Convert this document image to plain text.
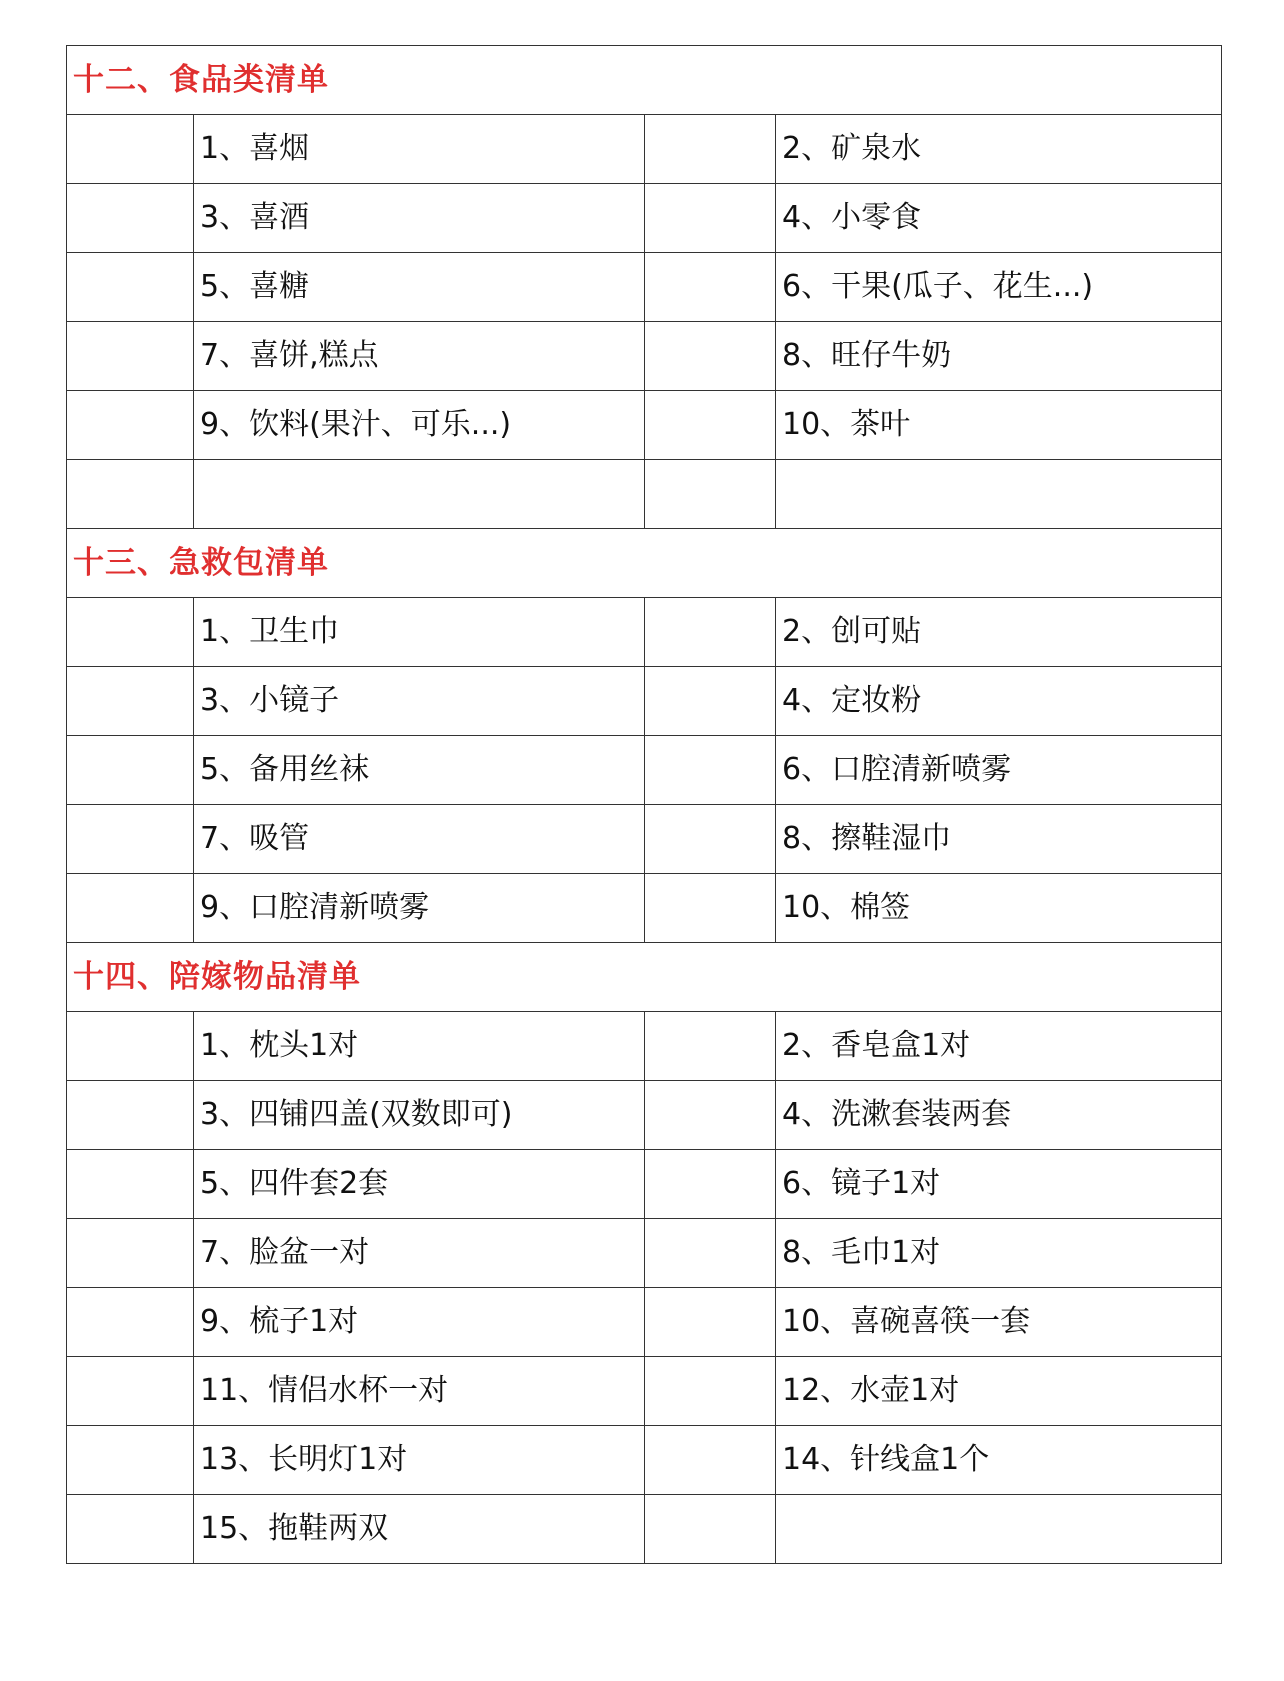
十二、食品类清单			
	1、喜烟		2、矿泉水
	3、喜酒		4、小零食
	5、喜糖		6、干果(瓜子、花生...)
	7、喜饼,糕点		8、旺仔牛奶
	9、饮料(果汁、可乐...)		10、茶叶

十三、急救包清单			
	1、卫生巾		2、创可贴
	3、小镜子		4、定妆粉
	5、备用丝袜		6、口腔清新喷雾
	7、吸管		8、擦鞋湿巾
	9、口腔清新喷雾		10、棉签
十四、陪嫁物品清单			
	1、枕头1对		2、香皂盒1对
	3、四铺四盖(双数即可)		4、洗漱套装两套
	5、四件套2套		6、镜子1对
	7、脸盆一对		8、毛巾1对
	9、梳子1对		10、喜碗喜筷一套
	11、情侣水杯一对		12、水壶1对
	13、长明灯1对		14、针线盒1个
	15、拖鞋两双		
